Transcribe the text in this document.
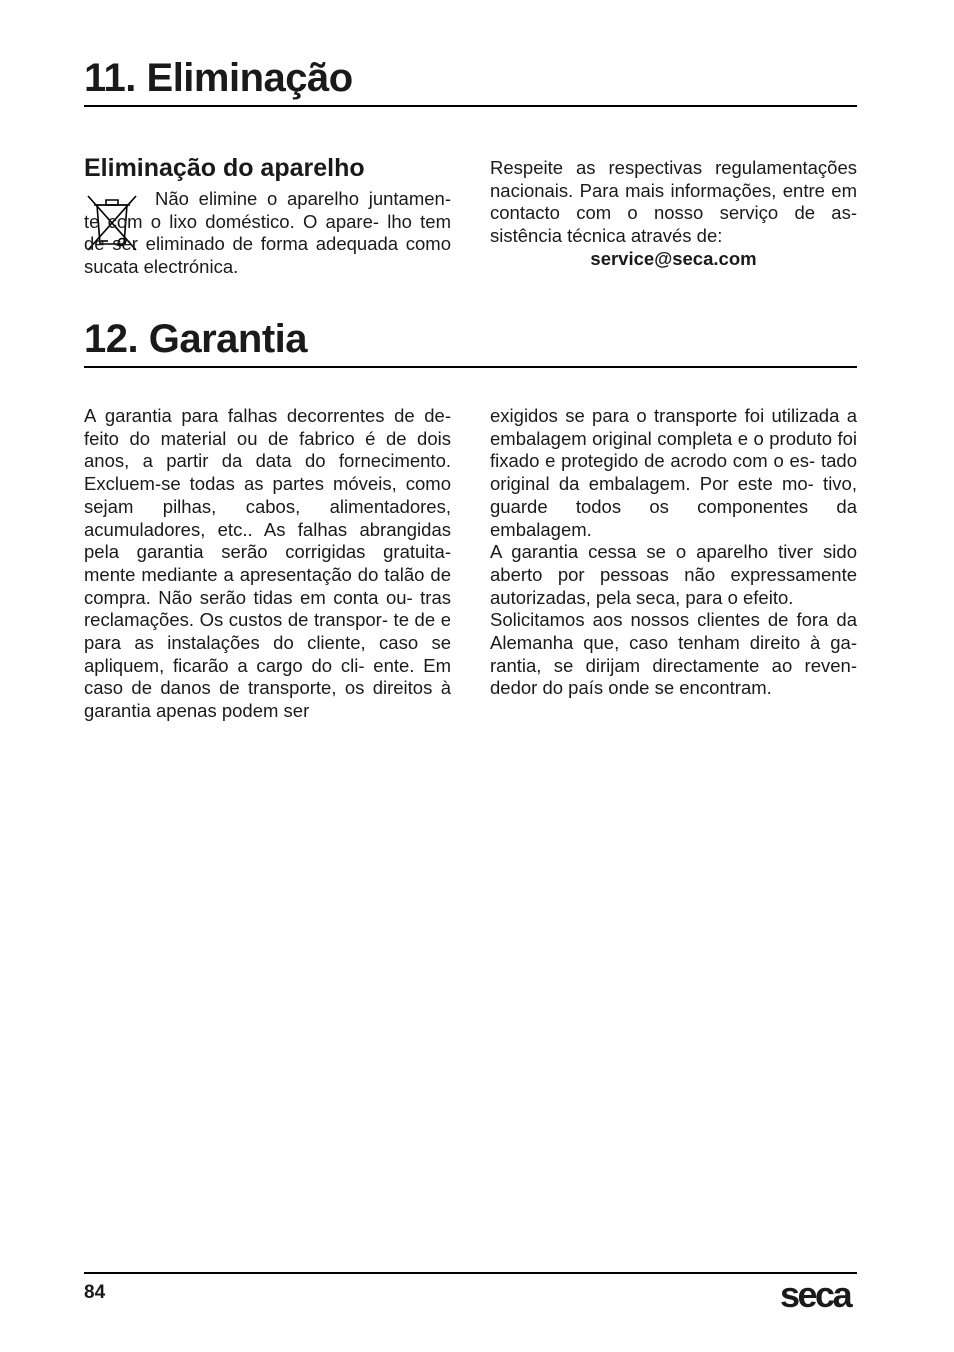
11. Eliminação
Eliminação do aparelho

Não elimine o aparelho juntamen- te com o lixo doméstico. O apare- lho tem de ser eliminado de forma adequada como sucata electrónica.

Respeite as respectivas regulamentações nacionais. Para mais informações, entre em contacto com o nosso serviço de as- sistência técnica através de:

service@seca.com
12. Garantia

A garantia para falhas decorrentes de de- feito do material ou de fabrico é de dois anos, a partir da data do fornecimento. Excluem-se todas as partes móveis, como sejam pilhas, cabos, alimentadores, acumuladores, etc.. As falhas abrangidas pela garantia serão corrigidas gratuita- mente mediante a apresentação do talão de compra. Não serão tidas em conta ou- tras reclamações. Os custos de transpor- te de e para as instalações do cliente, caso se apliquem, ficarão a cargo do cli- ente. Em caso de danos de transporte, os direitos à garantia apenas podem ser

exigidos se para o transporte foi utilizada a embalagem original completa e o produto foi fixado e protegido de acrodo com o es- tado original da embalagem. Por este mo- tivo, guarde todos os componentes da embalagem.

A garantia cessa se o aparelho tiver sido aberto por pessoas não expressamente autorizadas, pela seca, para o efeito.

Solicitamos aos nossos clientes de fora da Alemanha que, caso tenham direito à ga- rantia, se dirijam directamente ao reven- dedor do país onde se encontram.

84	seca
